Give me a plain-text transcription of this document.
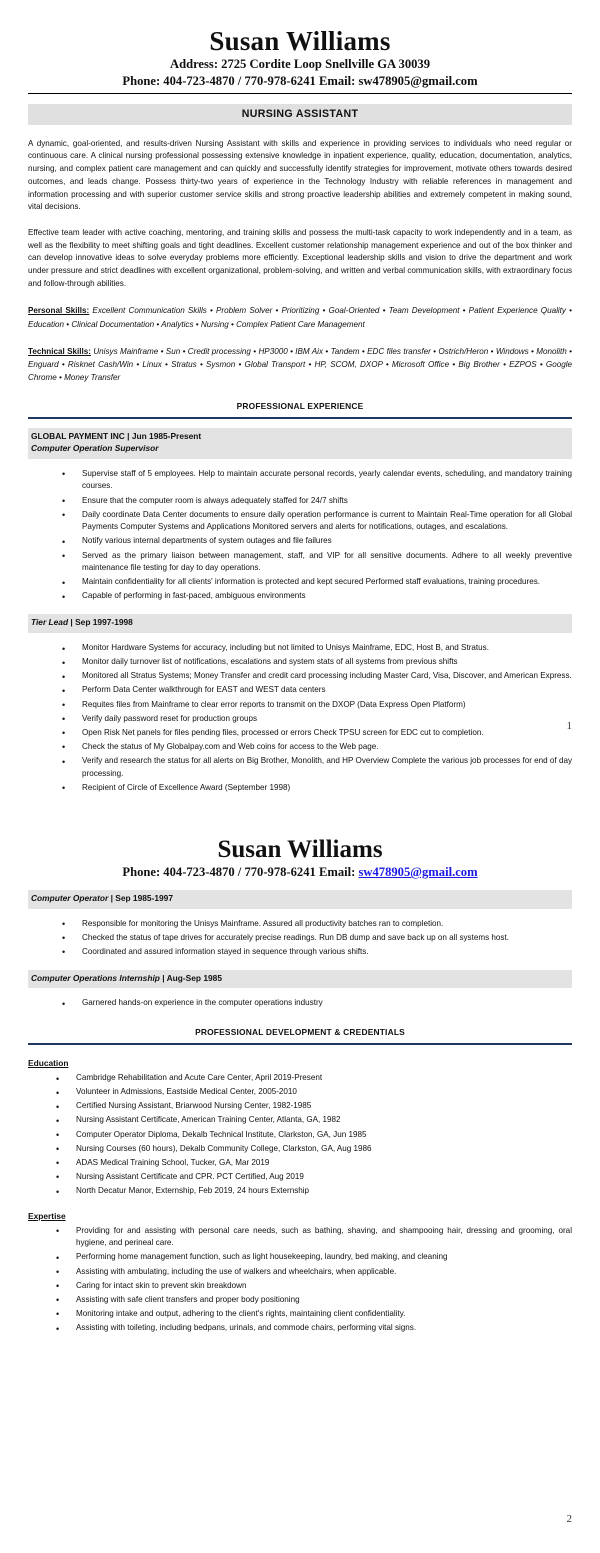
Susan Williams

Address: 2725 Cordite Loop Snellville GA 30039

Phone: 404-723-4870 / 770-978-6241 Email: sw478905@gmail.com

NURSING ASSISTANT

A dynamic, goal-oriented, and results-driven Nursing Assistant with skills and experience in providing services to individuals who need regular or continuous care. A clinical nursing professional possessing extensive knowledge in inpatient experience, quality, education, documentation, analytics, nursing, and complex patient care management and can quickly and successfully identify strategies for improvement, motivate others towards desired outcomes, and leads change. Possess thirty-two years of experience in the Technology Industry with reliable references in management and information processing and with superior customer service skills and strong proactive leadership abilities and extremely competent in making sound, vital decisions.

Effective team leader with active coaching, mentoring, and training skills and possess the multi-task capacity to work independently and in a team, as well as the flexibility to meet shifting goals and tight deadlines. Excellent customer relationship management experience and out of the box thinker and can develop innovative ideas to solve everyday problems more efficiently. Exceptional leadership skills and vision to drive the department and work under pressure and strict deadlines with excellent organizational, problem-solving, and written and verbal communication skills, with extraordinary focus and follow-through abilities.

Personal Skills: Excellent Communication Skills • Problem Solver • Prioritizing • Goal-Oriented • Team Development • Patient Experience Quality • Education • Clinical Documentation • Analytics • Nursing • Complex Patient Care Management

Technical Skills: Unisys Mainframe • Sun • Credit processing • HP3000 • IBM Aix • Tandem • EDC files transfer • Ostrich/Heron • Windows • Monolith • Enguard • Risknet Cash/Win • Linux • Stratus • Sysmon • Global Transport • HP, SCOM, DXOP • Microsoft Office • Big Brother • EZPOS • Google Chrome • Money Transfer

PROFESSIONAL EXPERIENCE

GLOBAL PAYMENT INC | Jun 1985-Present
Computer Operation Supervisor
• Supervise staff of 5 employees. Help to maintain accurate personal records, yearly calendar events, scheduling, and mandatory training courses.
• Ensure that the computer room is always adequately staffed for 24/7 shifts
• Daily coordinate Data Center documents to ensure daily operation performance is current to Maintain Real-Time operation for all Global Payments Computer Systems and Applications Monitored servers and alerts for notifications, outages, and escalations.
• Notify various internal departments of system outages and file failures
• Served as the primary liaison between management, staff, and VIP for all sensitive documents. Adhere to all weekly preventive maintenance file testing for day to day operations.
• Maintain confidentiality for all clients' information is protected and kept secured Performed staff evaluations, training procedures.
• Capable of performing in fast-paced, ambiguous environments
Tier Lead | Sep 1997-1998
• Monitor Hardware Systems for accuracy, including but not limited to Unisys Mainframe, EDC, Host B, and Stratus.
• Monitor daily turnover list of notifications, escalations and system stats of all systems from previous shifts
• Monitored all Stratus Systems; Money Transfer and credit card processing including Master Card, Visa, Discover, and American Express.
• Perform Data Center walkthrough for EAST and WEST data centers
• Requites files from Mainframe to clear error reports to transmit on the DXOP (Data Express Open Platform)
• Verify daily password reset for production groups
• Open Risk Net panels for files pending files, processed or errors Check TPSU screen for EDC cut to completion.
• Check the status of My Globalpay.com and Web coins for access to the Web page.
• Verify and research the status for all alerts on Big Brother, Monolith, and HP Overview Complete the various job processes for end of day processing.
• Recipient of Circle of Excellence Award (September 1998)
1
Susan Williams

Phone: 404-723-4870 / 770-978-6241 Email: sw478905@gmail.com

Computer Operator | Sep 1985-1997
• Responsible for monitoring the Unisys Mainframe. Assured all productivity batches ran to completion.
• Checked the status of tape drives for accurately precise readings. Run DB dump and save back up on all systems host.
• Coordinated and assured information stayed in sequence through various shifts.
Computer Operations Internship | Aug-Sep 1985
• Garnered hands-on experience in the computer operations industry

PROFESSIONAL DEVELOPMENT & CREDENTIALS

Education

• Cambridge Rehabilitation and Acute Care Center, April 2019-Present
• Volunteer in Admissions, Eastside Medical Center, 2005-2010
• Certified Nursing Assistant, Briarwood Nursing Center, 1982-1985
• Nursing Assistant Certificate, American Training Center, Atlanta, GA, 1982
• Computer Operator Diploma, Dekalb Technical Institute, Clarkston, GA, Jun 1985
• Nursing Courses (60 hours), Dekalb Community College, Clarkston, GA, Aug 1986
• ADAS Medical Training School, Tucker, GA, Mar 2019
• Nursing Assistant Certificate and CPR. PCT Certified, Aug 2019
• North Decatur Manor, Externship, Feb 2019, 24 hours Externship

Expertise

• Providing for and assisting with personal care needs, such as bathing, shaving, and shampooing hair, dressing and grooming, oral hygiene, and perineal care.
• Performing home management function, such as light housekeeping, laundry, bed making, and cleaning
• Assisting with ambulating, including the use of walkers and wheelchairs, when applicable.
• Caring for intact skin to prevent skin breakdown
• Assisting with safe client transfers and proper body positioning
• Monitoring intake and output, adhering to the client's rights, maintaining client confidentiality.
• Assisting with toileting, including bedpans, urinals, and commode chairs, performing vital signs.
2
